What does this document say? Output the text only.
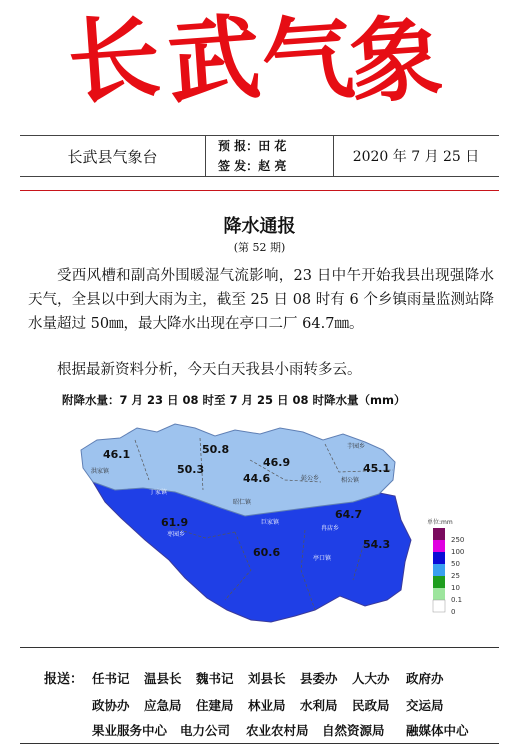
长 武
气
象
长武县气象台
预 报：田 花
签 发：赵 亮
2020 年 7 月 25 日
降水通报
(第 52 期)

受西风槽和副高外围暖湿气流影响，23 日中午开始我县出现强降水天气，全县以中到大雨为主，截至 25 日 08 时有 6 个乡镇雨量监测站降水量超过 50㎜，最大降水出现在亭口二厂 64.7㎜。

根据最新资料分析，今天白天我县小雨转多云。

附降水量：7 月 23 日 08 时至 7 月 25 日 08 时降水量（mm）
46.1	50.8
50.3
46.9	45.1
44.6
64.7
61.9
60.6
54.3
洪家镇
彭公乡
丁家镇
昭仁镇
相公镇
芋园乡
亭口镇
枣园乡
巨家镇
冉店乡
单位:mm
250
100
50
25
10
0.1
0
报送： 任书记 温县长 魏书记 刘县长 县委办 人大办 政府办
政协办 应急局 住建局 林业局 水利局 民政局 交运局
果业服务中心 电力公司 农业农村局 自然资源局 融媒体中心
